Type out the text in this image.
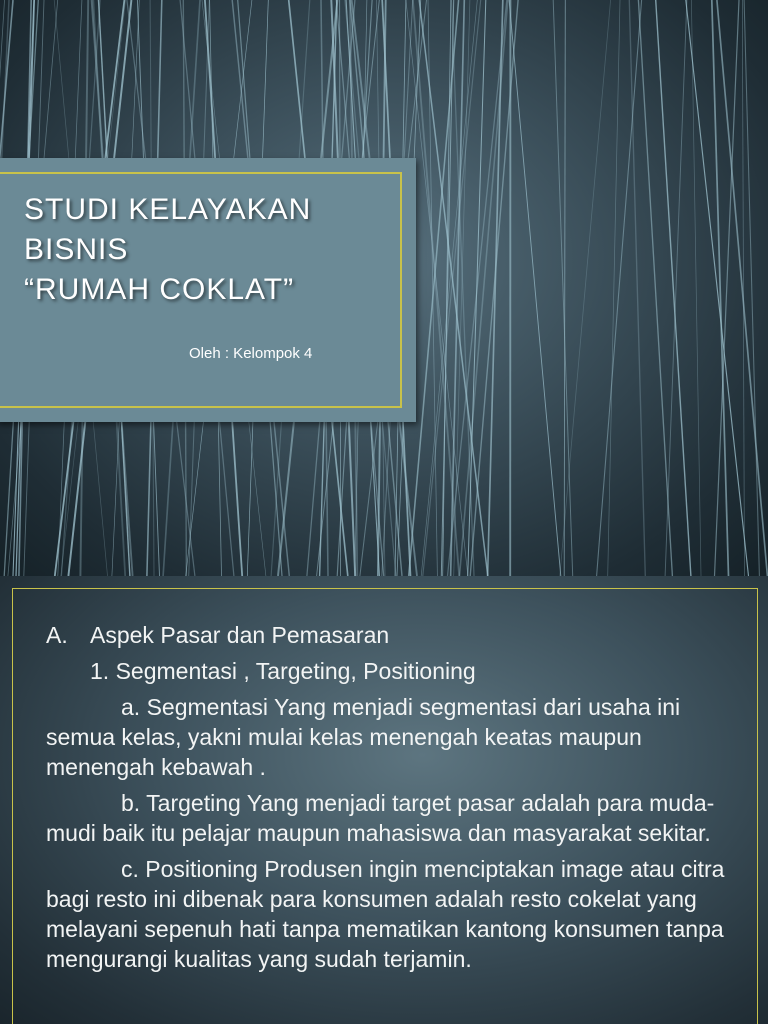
STUDI KELAYAKAN
BISNIS
“RUMAH COKLAT”
Oleh : Kelompok 4
A. Aspek Pasar dan Pemasaran
1. Segmentasi , Targeting, Positioning
a. Segmentasi Yang menjadi segmentasi dari usaha ini semua kelas, yakni mulai kelas menengah keatas maupun menengah kebawah .
b. Targeting Yang menjadi target pasar adalah para muda-mudi baik itu pelajar maupun mahasiswa dan masyarakat sekitar.
c. Positioning Produsen ingin menciptakan image atau citra bagi resto ini dibenak para konsumen adalah resto cokelat yang melayani sepenuh hati tanpa mematikan kantong konsumen tanpa mengurangi kualitas yang sudah terjamin.
